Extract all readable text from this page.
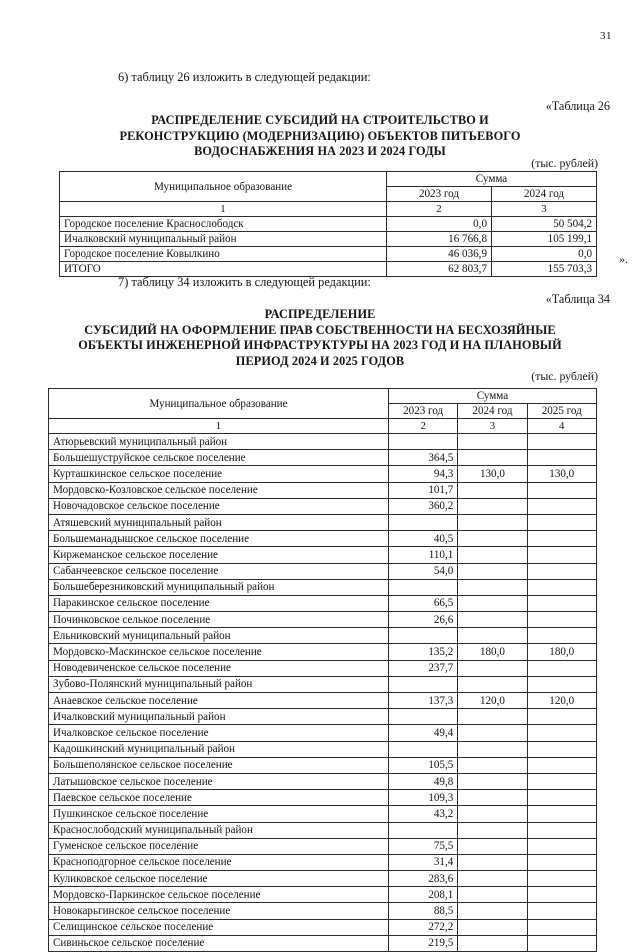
31

6) таблицу 26 изложить в следующей редакции:

«Таблица 26

РАСПРЕДЕЛЕНИЕ СУБСИДИЙ НА СТРОИТЕЛЬСТВО И

РЕКОНСТРУКЦИЮ (МОДЕРНИЗАЦИЮ) ОБЪЕКТОВ ПИТЬЕВОГО

ВОДОСНАБЖЕНИЯ НА 2023 И 2024 ГОДЫ

(тыс. рублей)

Муниципальное образование	Сумма	
	2023 год	2024 год
1	2	3
Городское поселение Краснослободск	0,0	50 504,2
Ичалковский муниципальный район	16 766,8	105 199,1
Городское поселение Ковылкино	46 036,9	0,0
ИТОГО	62 803,7	155 703,3
».

7) таблицу 34 изложить в следующей редакции:

«Таблица 34

РАСПРЕДЕЛЕНИЕ

СУБСИДИЙ НА ОФОРМЛЕНИЕ ПРАВ СОБСТВЕННОСТИ НА БЕСХОЗЯЙНЫЕ

ОБЪЕКТЫ ИНЖЕНЕРНОЙ ИНФРАСТРУКТУРЫ НА 2023 ГОД И НА ПЛАНОВЫЙ

ПЕРИОД 2024 И 2025 ГОДОВ

(тыс. рублей)

Муниципальное образование	Сумма		
	2023 год	2024 год	2025 год
1	2	3	4
Атюрьевский муниципальный район			
Большешуструйское сельское поселение	364,5		
Курташкинское сельское поселение	94,3	130,0	130,0
Мордовско-Козловское сельское поселение	101,7		
Новочадовское сельское поселение	360,2		
Атяшевский муниципальный район			
Большеманадышское сельское поселение	40,5		
Киржеманское сельское поселение	110,1		
Сабанчеевское сельское поселение	54,0		
Большеберезниковский муниципальный район			
Паракинское сельское поселение	66,5		
Починковское селькое поселение	26,6		
Ельниковский муниципальный район			
Мордовско-Маскинское сельское поселение	135,2	180,0	180,0
Новодевиченское сельское поселение	237,7		
Зубово-Полянский муниципальный район			
Анаевское сельское поселение	137,3	120,0	120,0
Ичалковский муниципальный район			
Ичалковское сельское поселение	49,4		
Кадошкинский муниципальный район			
Большеполянское сельское поселение	105,5		
Латышовское сельское поселение	49,8		
Паевское сельское поселение	109,3		
Пушкинское сельское поселение	43,2		
Краснослободский муниципальный район			
Гуменское сельское поселение	75,5		
Красноподгорное сельское поселение	31,4		
Куликовское сельское поселение	283,6		
Мордовско-Паркинское сельское поселение	208,1		
Новокарьгинское сельское поселение	88,5		
Селищинское сельское поселение	272,2		
Сивиньское сельское поселение	219,5		
